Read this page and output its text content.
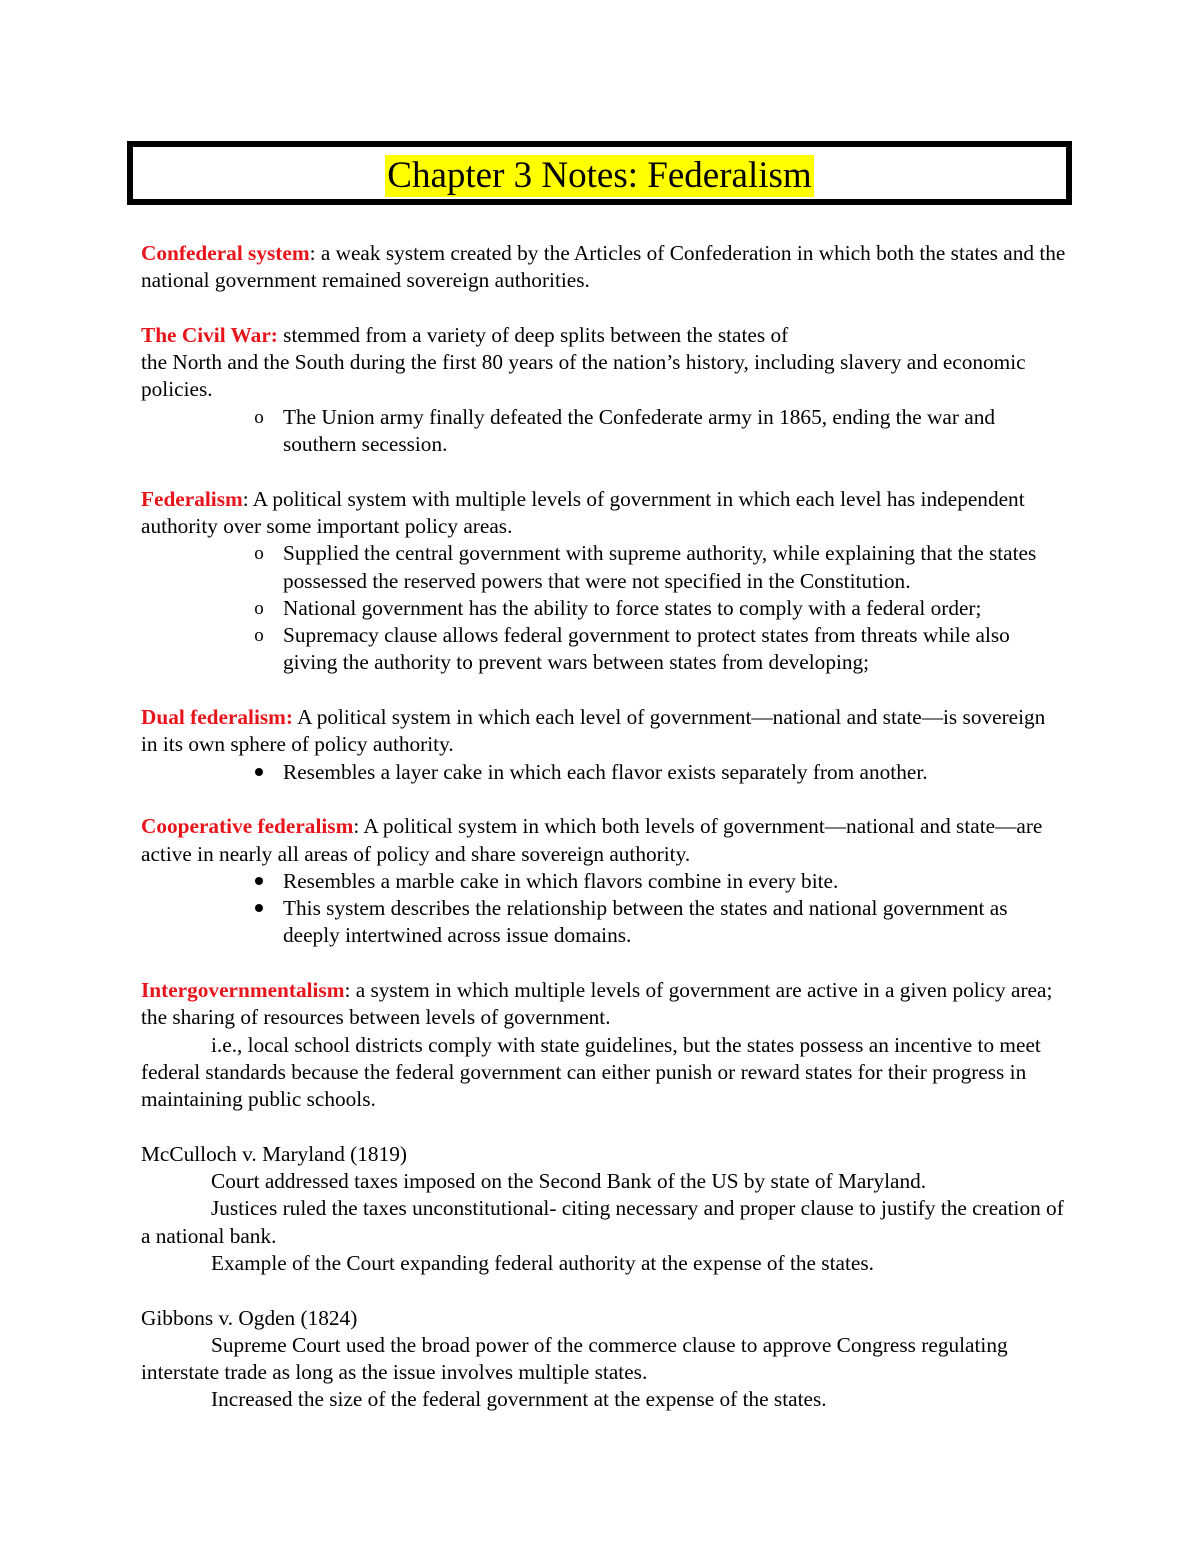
Chapter 3 Notes: Federalism

Confederal system: a weak system created by the Articles of Confederation in which both the states and the national government remained sovereign authorities.

The Civil War: stemmed from a variety of deep splits between the states of

the North and the South during the first 80 years of the nation’s history, including slavery and economic policies.

o The Union army finally defeated the Confederate army in 1865, ending the war and southern secession.

Federalism: A political system with multiple levels of government in which each level has independent authority over some important policy areas.

o Supplied the central government with supreme authority, while explaining that the states possessed the reserved powers that were not specified in the Constitution.
o National government has the ability to force states to comply with a federal order;
o Supremacy clause allows federal government to protect states from threats while also giving the authority to prevent wars between states from developing;

Dual federalism: A political system in which each level of government—national and state—is sovereign in its own sphere of policy authority.

Resembles a layer cake in which each flavor exists separately from another.

Cooperative federalism: A political system in which both levels of government—national and state—are active in nearly all areas of policy and share sovereign authority.

Resembles a marble cake in which flavors combine in every bite.
This system describes the relationship between the states and national government as deeply intertwined across issue domains.

Intergovernmentalism: a system in which multiple levels of government are active in a given policy area; the sharing of resources between levels of government.

i.e., local school districts comply with state guidelines, but the states possess an incentive to meet federal standards because the federal government can either punish or reward states for their progress in maintaining public schools.

McCulloch v. Maryland (1819)

Court addressed taxes imposed on the Second Bank of the US by state of Maryland.

Justices ruled the taxes unconstitutional- citing necessary and proper clause to justify the creation of a national bank.

Example of the Court expanding federal authority at the expense of the states.

Gibbons v. Ogden (1824)

Supreme Court used the broad power of the commerce clause to approve Congress regulating interstate trade as long as the issue involves multiple states.

Increased the size of the federal government at the expense of the states.
